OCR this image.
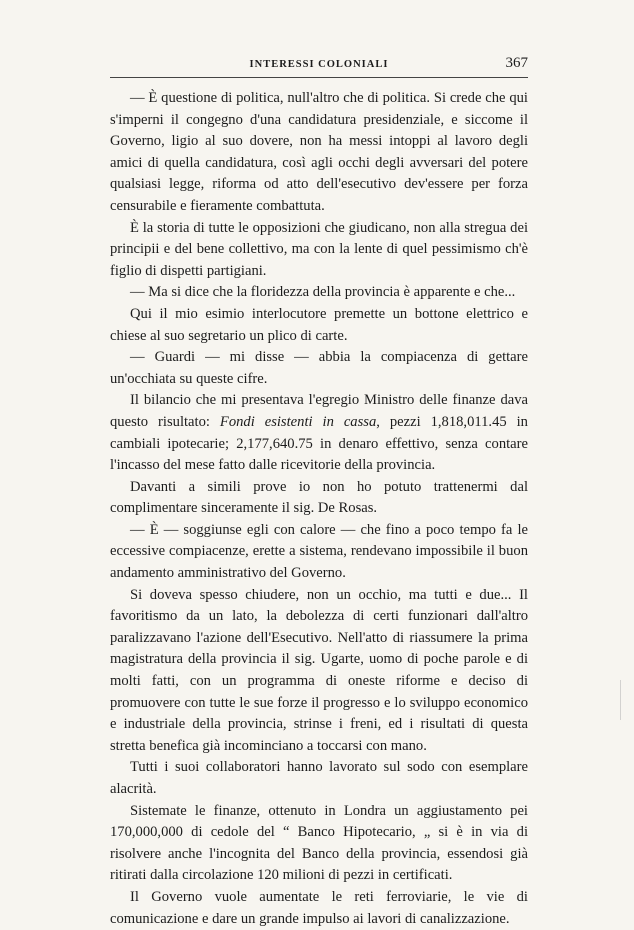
INTERESSI COLONIALI	367

— È questione di politica, null'altro che di politica. Si crede che qui s'imperni il congegno d'una candidatura presidenziale, e siccome il Governo, ligio al suo dovere, non ha messi intoppi al lavoro degli amici di quella candidatura, così agli occhi degli avversari del potere qualsiasi legge, riforma od atto dell'esecutivo dev'essere per forza censurabile e fieramente combattuta.

È la storia di tutte le opposizioni che giudicano, non alla stregua dei principii e del bene collettivo, ma con la lente di quel pessimismo ch'è figlio di dispetti partigiani.

— Ma si dice che la floridezza della provincia è apparente e che...

Qui il mio esimio interlocutore premette un bottone elettrico e chiese al suo segretario un plico di carte.

— Guardi — mi disse — abbia la compiacenza di gettare un'occhiata su queste cifre.

Il bilancio che mi presentava l'egregio Ministro delle finanze dava questo risultato: Fondi esistenti in cassa, pezzi 1,818,011.45 in cambiali ipotecarie; 2,177,640.75 in denaro effettivo, senza contare l'incasso del mese fatto dalle ricevitorie della provincia.

Davanti a simili prove io non ho potuto trattenermi dal complimentare sinceramente il sig. De Rosas.

— È — soggiunse egli con calore — che fino a poco tempo fa le eccessive compiacenze, erette a sistema, rendevano impossibile il buon andamento amministrativo del Governo.

Si doveva spesso chiudere, non un occhio, ma tutti e due... Il favoritismo da un lato, la debolezza di certi funzionari dall'altro paralizzavano l'azione dell'Esecutivo. Nell'atto di riassumere la prima magistratura della provincia il sig. Ugarte, uomo di poche parole e di molti fatti, con un programma di oneste riforme e deciso di promuovere con tutte le sue forze il progresso e lo sviluppo economico e industriale della provincia, strinse i freni, ed i risultati di questa stretta benefica già incominciano a toccarsi con mano.

Tutti i suoi collaboratori hanno lavorato sul sodo con esemplare alacrità.

Sistemate le finanze, ottenuto in Londra un aggiustamento pei 170,000,000 di cedole del “ Banco Hipotecario, „ si è in via di risolvere anche l'incognita del Banco della provincia, essendosi già ritirati dalla circolazione 120 milioni di pezzi in certificati.

Il Governo vuole aumentate le reti ferroviarie, le vie di comunicazione e dare un grande impulso ai lavori di canalizzazione.
